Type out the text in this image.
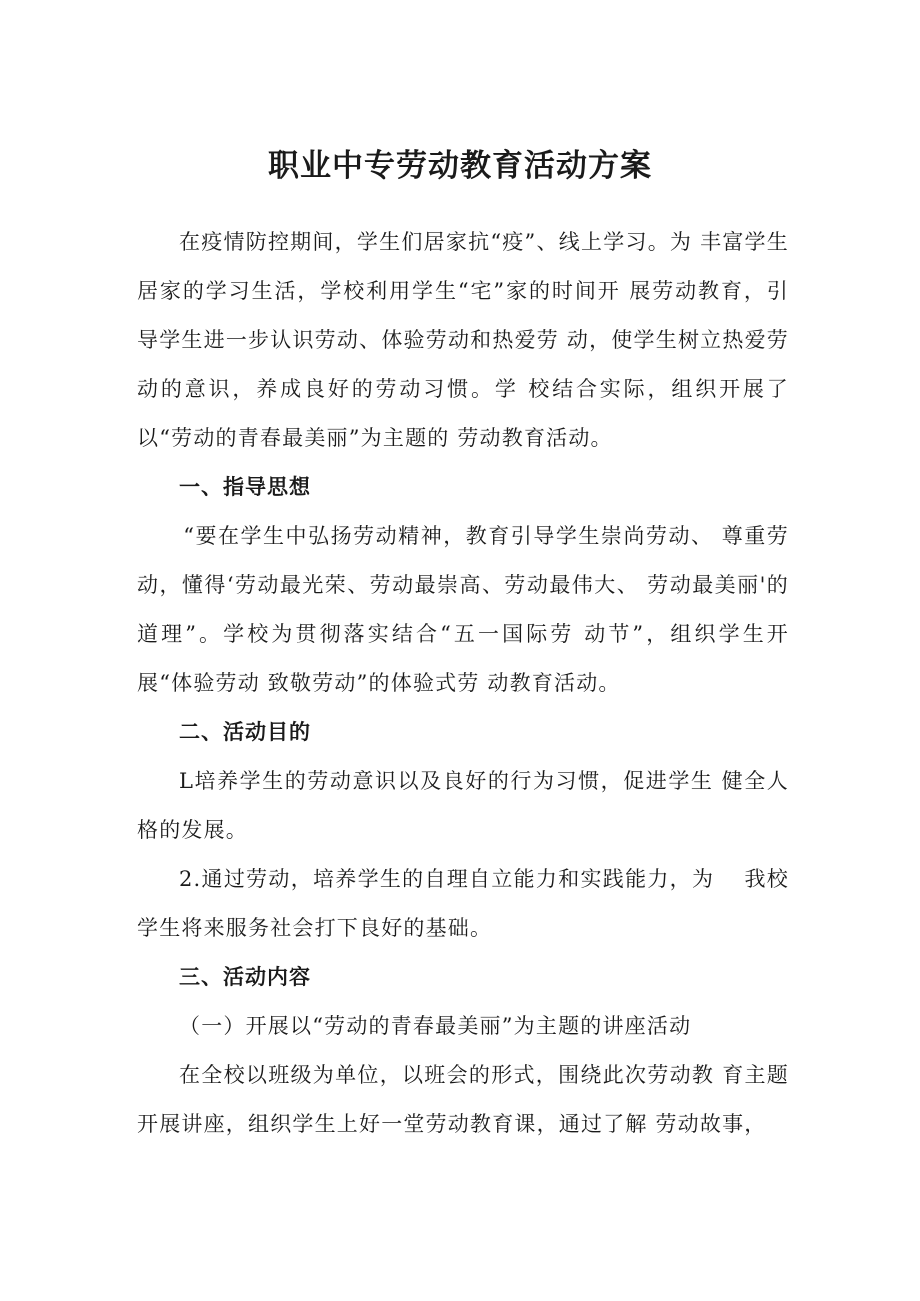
职业中专劳动教育活动方案

在疫情防控期间，学生们居家抗“疫”、线上学习。为 丰富学生居家的学习生活，学校利用学生“宅”家的时间开 展劳动教育，引导学生进一步认识劳动、体验劳动和热爱劳 动，使学生树立热爱劳动的意识，养成良好的劳动习惯。学 校结合实际，组织开展了以“劳动的青春最美丽”为主题的 劳动教育活动。

一、指导思想

“要在学生中弘扬劳动精神，教育引导学生崇尚劳动、 尊重劳动，懂得‘劳动最光荣、劳动最崇高、劳动最伟大、 劳动最美丽'的道理”。学校为贯彻落实结合“五一国际劳 动节”，组织学生开展“体验劳动 致敬劳动”的体验式劳 动教育活动。

二、活动目的

L培养学生的劳动意识以及良好的行为习惯，促进学生 健全人格的发展。

2.通过劳动，培养学生的自理自立能力和实践能力，为　 我校学生将来服务社会打下良好的基础。

三、活动内容

（一）开展以“劳动的青春最美丽”为主题的讲座活动

在全校以班级为单位，以班会的形式，围绕此次劳动教 育主题开展讲座，组织学生上好一堂劳动教育课，通过了解 劳动故事，
